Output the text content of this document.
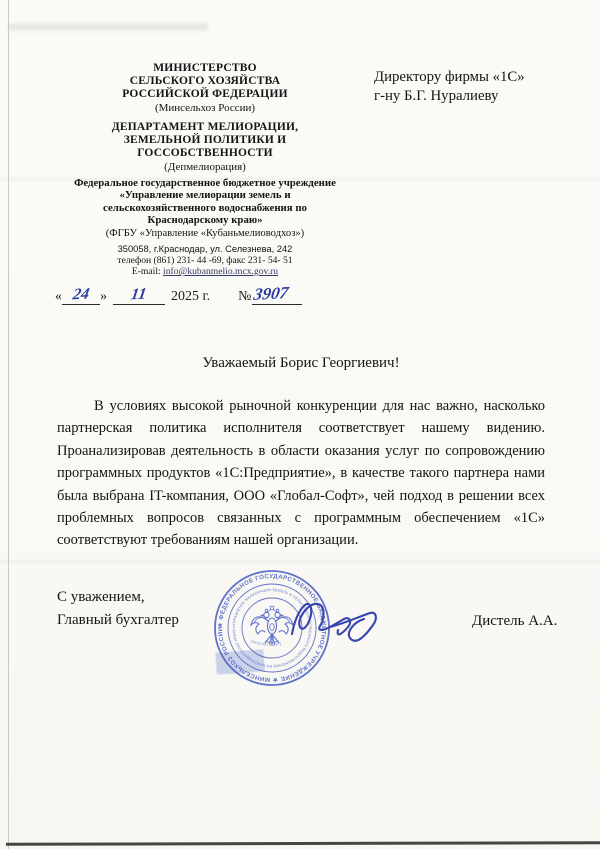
МИНИСТЕРСТВО
СЕЛЬСКОГО ХОЗЯЙСТВА
РОССИЙСКОЙ ФЕДЕРАЦИИ
(Минсельхоз России)
ДЕПАРТАМЕНТ МЕЛИОРАЦИИ,
ЗЕМЕЛЬНОЙ ПОЛИТИКИ И
ГОССОБСТВЕННОСТИ
(Депмелиорация)
Федеральное государственное бюджетное учреждение
«Управление мелиорации земель и
сельскохозяйственного водоснабжения по
Краснодарскому краю»
(ФГБУ «Управление «Кубаньмелиоводхоз»)
350058, г.Краснодар, ул. Селезнева, 242
телефон (861) 231- 44 -69, факс 231- 54- 51
E-mail: info@kubanmelio.mcx.gov.ru
Директору фирмы «1С»
г-ну Б.Г. Нуралиеву
« 24 »	11	2025 г. № 3907
Уважаемый Борис Георгиевич!
В условиях высокой рыночной конкуренции для нас важно, насколько
партнерская политика исполнителя соответствует нашему видению.
Проанализировав деятельность в области оказания услуг по сопровождению
программных продуктов «1С:Предприятие», в качестве такого партнера нами
была выбрана IT-компания, ООО «Глобал-Софт», чей подход в решении всех
проблемных вопросов связанных с программным обеспечением «1С»
соответствуют требованиям нашей организации.
С уважением,
Главный бухгалтер	Дистель А.А.
★ ФЕДЕРАЛЬНОЕ ГОСУДАРСТВЕННОЕ БЮДЖЕТНОЕ УЧРЕЖДЕНИЕ ★ МИНСЕЛЬХОЗ РОССИИ	«УПРАВЛЕНИЕ МЕЛИОРАЦИИ ЗЕМЕЛЬ И СЕЛЬСКОХОЗЯЙСТВЕННОГО ВОДОСНАБЖЕНИЯ ПО КРАСНОДАРСКОМУ КРАЮ» ・ ФГБУ «УПРАВЛЕНИЕ «КУБАНЬМЕЛИОВОДХОЗ»
185323371589 2
